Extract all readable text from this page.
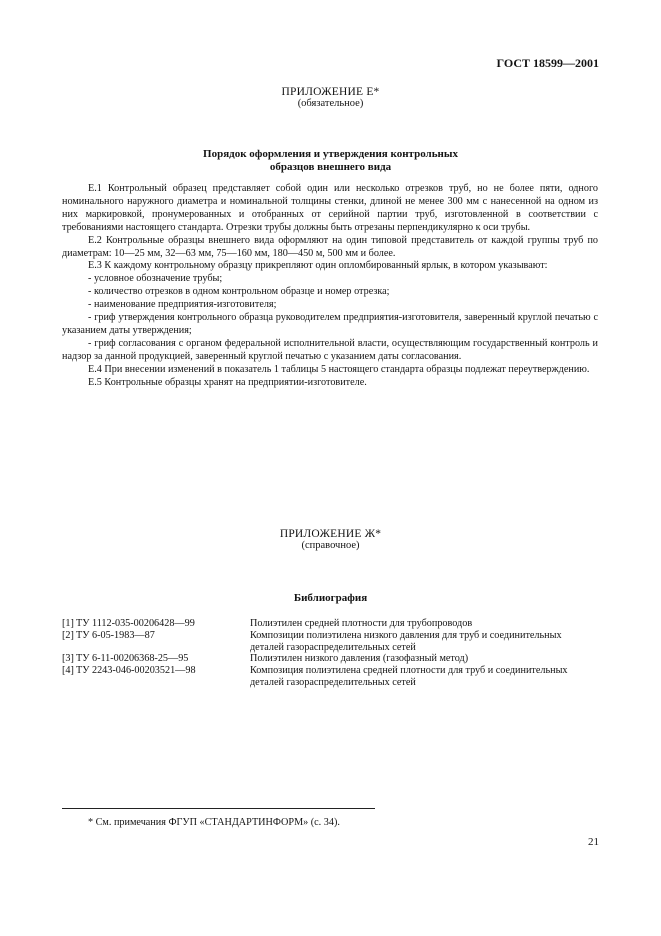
ГОСТ 18599—2001
ПРИЛОЖЕНИЕ Е*
(обязательное)
Порядок оформления и утверждения контрольных
образцов внешнего вида

Е.1 Контрольный образец представляет собой один или несколько отрезков труб, но не более пяти, одного номинального наружного диаметра и номинальной толщины стенки, длиной не менее 300 мм с нанесенной на одном из них маркировкой, пронумерованных и отобранных от серийной партии труб, изготовленной в соответствии с требованиями настоящего стандарта. Отрезки трубы должны быть отрезаны перпендикулярно к оси трубы.

Е.2 Контрольные образцы внешнего вида оформляют на один типовой представитель от каждой группы труб по диаметрам: 10—25 мм, 32—63 мм, 75—160 мм, 180—450 м, 500 мм и более.

Е.3 К каждому контрольному образцу прикрепляют один опломбированный ярлык, в котором указывают:

- условное обозначение трубы;

- количество отрезков в одном контрольном образце и номер отрезка;

- наименование предприятия-изготовителя;

- гриф утверждения контрольного образца руководителем предприятия-изготовителя, заверенный круглой печатью с указанием даты утверждения;

- гриф согласования с органом федеральной исполнительной власти, осуществляющим государственный контроль и надзор за данной продукцией, заверенный круглой печатью с указанием даты согласования.

Е.4 При внесении изменений в показатель 1 таблицы 5 настоящего стандарта образцы подлежат переутверждению.

Е.5 Контрольные образцы хранят на предприятии-изготовителе.

ПРИЛОЖЕНИЕ Ж*
(справочное)
Библиография
[1] ТУ 1112-035-00206428—99	Полиэтилен средней плотности для трубопроводов
[2] ТУ 6-05-1983—87	Композиции полиэтилена низкого давления для труб и соединительных деталей газораспределительных сетей
[3] ТУ 6-11-00206368-25—95	Полиэтилен низкого давления (газофазный метод)
[4] ТУ 2243-046-00203521—98	Композиция полиэтилена средней плотности для труб и соединительных деталей газораспределительных сетей
* См. примечания ФГУП «СТАНДАРТИНФОРМ» (с. 34).
21
